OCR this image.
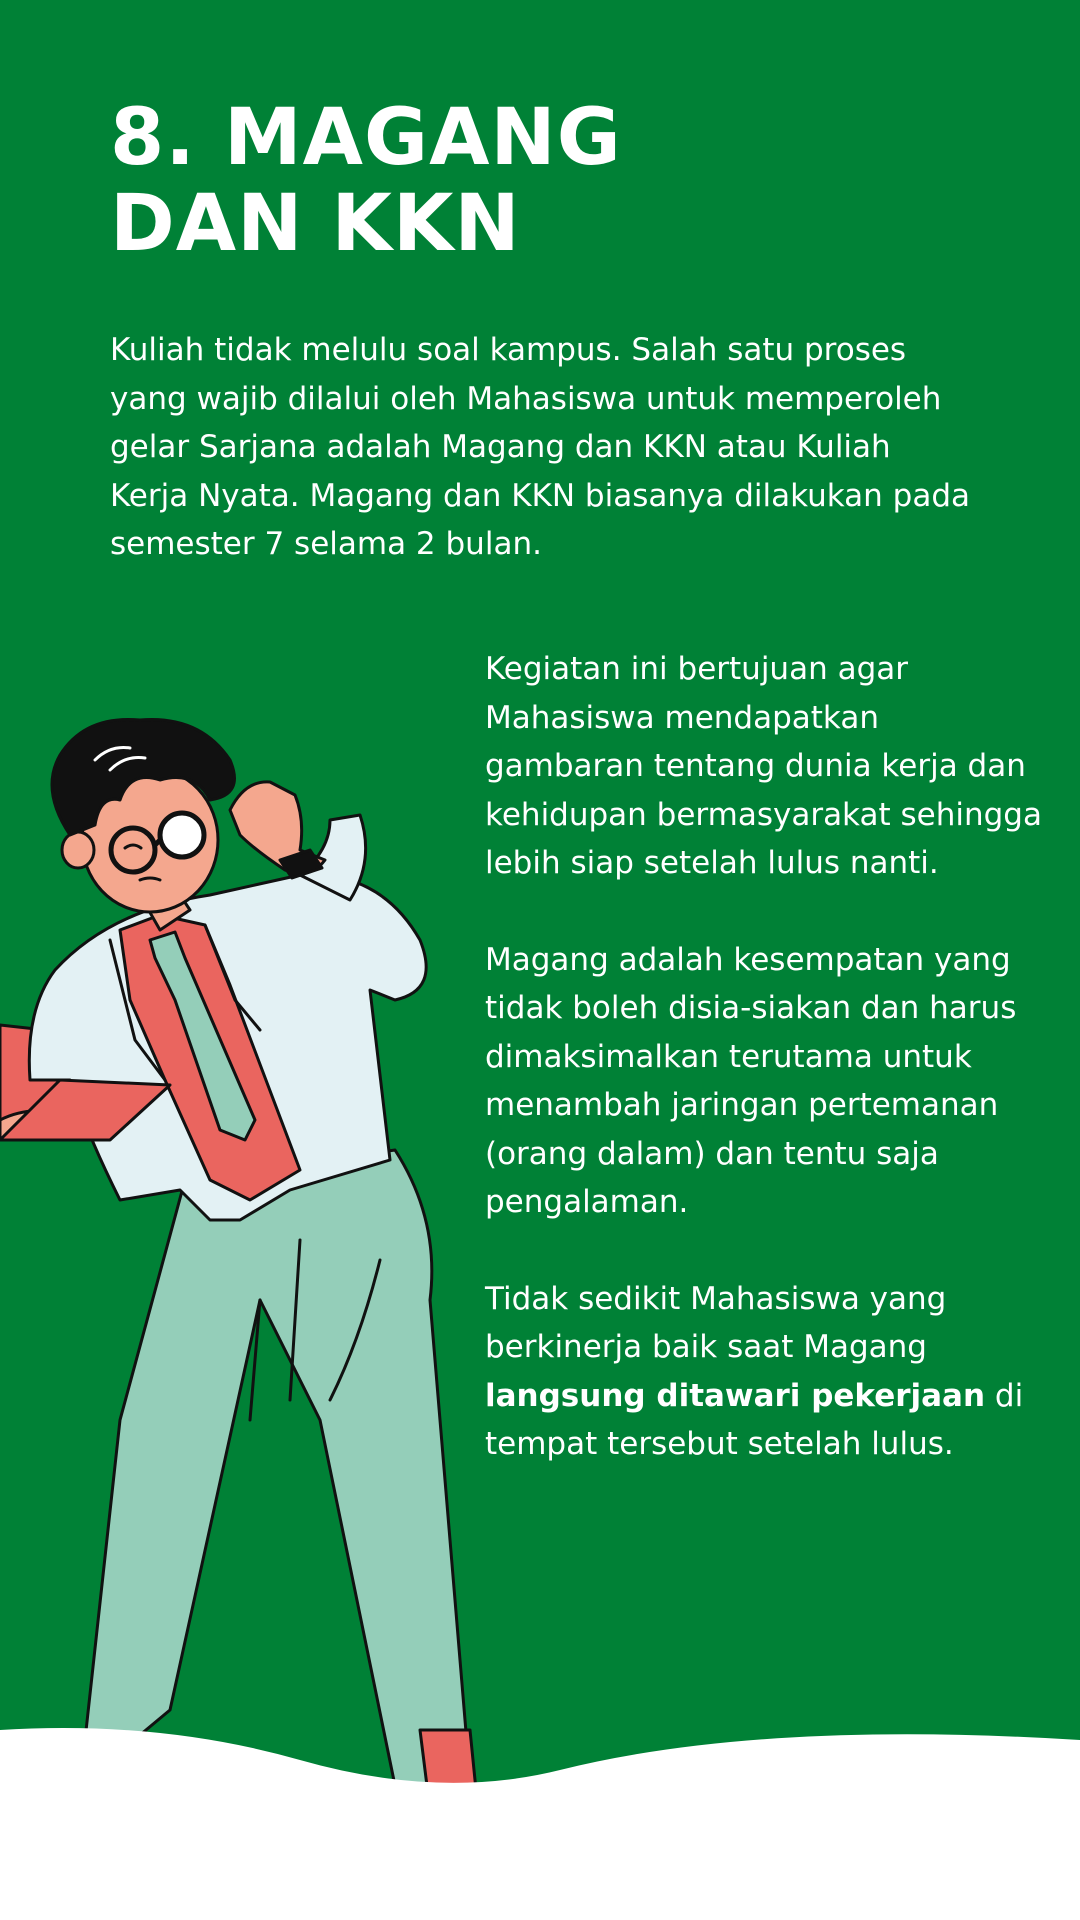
8. MAGANG
DAN KKN

Kuliah tidak melulu soal kampus. Salah satu proses yang wajib dilalui oleh Mahasiswa untuk memperoleh gelar Sarjana adalah Magang dan KKN atau Kuliah Kerja Nyata. Magang dan KKN biasanya dilakukan pada semester 7 selama 2 bulan.

Kegiatan ini bertujuan agar Mahasiswa mendapatkan gambaran tentang dunia kerja dan kehidupan bermasyarakat sehingga lebih siap setelah lulus nanti.

Magang adalah kesempatan yang tidak boleh disia-siakan dan harus dimaksimalkan terutama untuk menambah jaringan pertemanan (orang dalam) dan tentu saja pengalaman.

Tidak sedikit Mahasiswa yang berkinerja baik saat Magang langsung ditawari pekerjaan di tempat tersebut setelah lulus.
